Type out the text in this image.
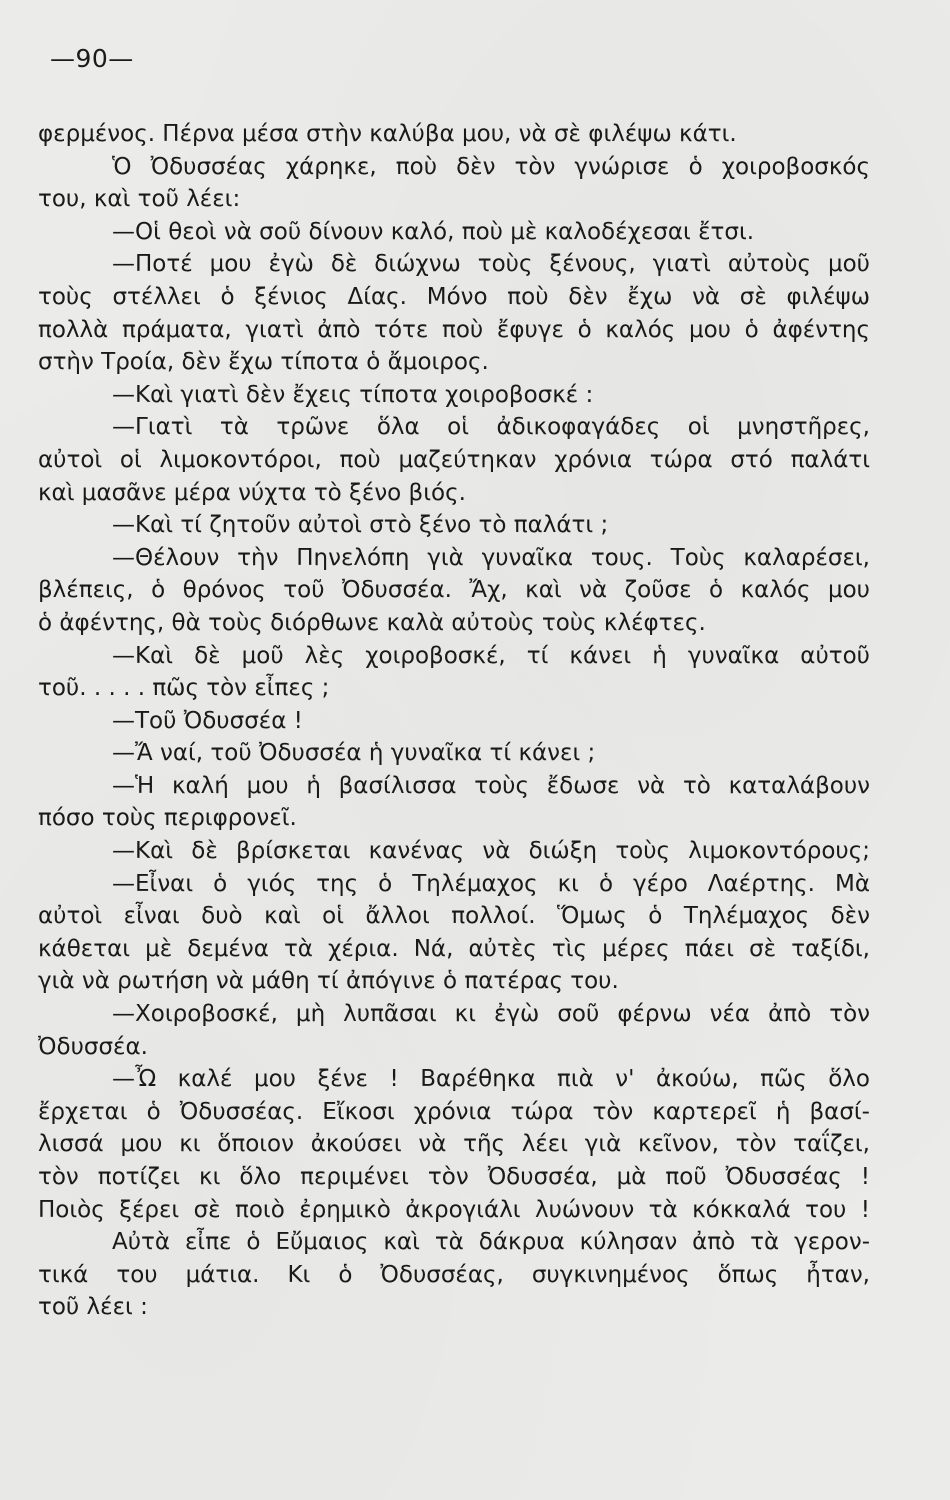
—90—
φερμένος. Πέρνα μέσα στὴν καλύβα μου, νὰ σὲ φιλέψω κάτι.
Ὁ Ὀδυσσέας χάρηκε, ποὺ δὲν τὸν γνώρισε ὁ χοιροβοσκός
του, καὶ τοῦ λέει:
—Οἱ θεοὶ νὰ σοῦ δίνουν καλό, ποὺ μὲ καλοδέχεσαι ἔτσι.
—Ποτέ μου ἐγὼ δὲ διώχνω τοὺς ξένους, γιατὶ αὐτοὺς μοῦ
τοὺς στέλλει ὁ ξένιος Δίας. Μόνο ποὺ δὲν ἔχω νὰ σὲ φιλέψω
πολλὰ πράματα, γιατὶ ἀπὸ τότε ποὺ ἔφυγε ὁ καλός μου ὁ ἀφέντης
στὴν Τροία, δὲν ἔχω τίποτα ὁ ἄμοιρος.
—Καὶ γιατὶ δὲν ἔχεις τίποτα χοιροβοσκέ :
—Γιατὶ τὰ τρῶνε ὅλα οἱ ἀδικοφαγάδες οἱ μνηστῆρες,
αὐτοὶ οἱ λιμοκοντόροι, ποὺ μαζεύτηκαν χρόνια τώρα στό παλάτι
καὶ μασᾶνε μέρα νύχτα τὸ ξένο βιός.
—Καὶ τί ζητοῦν αὐτοὶ στὸ ξένο τὸ παλάτι ;
—Θέλουν τὴν Πηνελόπη γιὰ γυναῖκα τους. Τοὺς καλαρέσει,
βλέπεις, ὁ θρόνος τοῦ Ὀδυσσέα. Ἄχ, καὶ νὰ ζοῦσε ὁ καλός μου
ὁ ἀφέντης, θὰ τοὺς διόρθωνε καλὰ αὐτοὺς τοὺς κλέφτες.
—Καὶ δὲ μοῦ λὲς χοιροβοσκέ, τί κάνει ἡ γυναῖκα αὐτοῦ
τοῦ. . . . . πῶς τὸν εἶπες ;
—Τοῦ Ὀδυσσέα !
—Ἄ ναί, τοῦ Ὀδυσσέα ἡ γυναῖκα τί κάνει ;
—Ἡ καλή μου ἡ βασίλισσα τοὺς ἔδωσε νὰ τὸ καταλάβουν
πόσο τοὺς περιφρονεῖ.
—Καὶ δὲ βρίσκεται κανένας νὰ διώξη τοὺς λιμοκοντόρους;
—Εἶναι ὁ γιός της ὁ Τηλέμαχος κι ὁ γέρο Λαέρτης. Μὰ
αὐτοὶ εἶναι δυὸ καὶ οἱ ἄλλοι πολλοί. Ὅμως ὁ Τηλέμαχος δὲν
κάθεται μὲ δεμένα τὰ χέρια. Νά, αὐτὲς τὶς μέρες πάει σὲ ταξίδι,
γιὰ νὰ ρωτήση νὰ μάθη τί ἀπόγινε ὁ πατέρας του.
—Χοιροβοσκέ, μὴ λυπᾶσαι κι ἐγὼ σοῦ φέρνω νέα ἀπὸ τὸν
Ὀδυσσέα.
—Ὦ καλέ μου ξένε ! Βαρέθηκα πιὰ ν' ἀκούω, πῶς ὅλο
ἔρχεται ὁ Ὀδυσσέας. Εἴκοσι χρόνια τώρα τὸν καρτερεῖ ἡ βασί-
λισσά μου κι ὅποιον ἀκούσει νὰ τῆς λέει γιὰ κεῖνον, τὸν ταΐζει,
τὸν ποτίζει κι ὅλο περιμένει τὸν Ὀδυσσέα, μὰ ποῦ Ὀδυσσέας !
Ποιὸς ξέρει σὲ ποιὸ ἐρημικὸ ἀκρογιάλι λυώνουν τὰ κόκκαλά του !
Αὐτὰ εἶπε ὁ Εὔμαιος καὶ τὰ δάκρυα κύλησαν ἀπὸ τὰ γερον-
τικά του μάτια. Κι ὁ Ὀδυσσέας, συγκινημένος ὅπως ἦταν,
τοῦ λέει :
